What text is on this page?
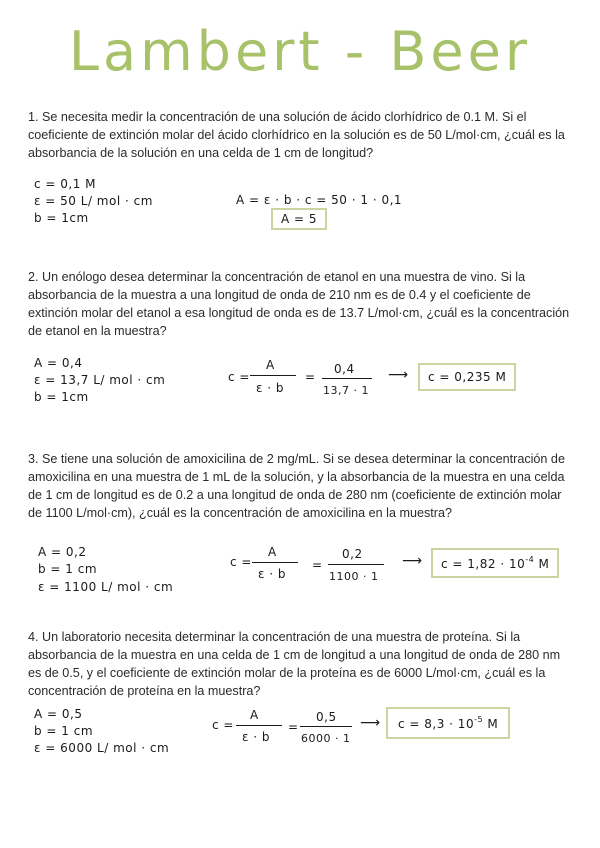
Lambert - Beer
1. Se necesita medir la concentración de una solución de ácido clorhídrico de 0.1 M. Si el coeficiente de extinción molar del ácido clorhídrico en la solución es de 50 L/mol·cm, ¿cuál es la absorbancia de la solución en una celda de 1 cm de longitud?
c = 0,1 M
ε = 50 L/ mol · cm
b = 1cm
A = ε · b · c = 50 · 1 · 0,1
A = 5
2. Un enólogo desea determinar la concentración de etanol en una muestra de vino. Si la absorbancia de la muestra a una longitud de onda de 210 nm es de 0.4 y el coeficiente de extinción molar del etanol a esa longitud de onda es de 13.7 L/mol·cm, ¿cuál es la concentración de etanol en la muestra?
A = 0,4
ε = 13,7 L/ mol · cm
b = 1cm
c =
A
ε · b
=
0,4
13,7 · 1
⟶	c = 0,235 M
3. Se tiene una solución de amoxicilina de 2 mg/mL. Si se desea determinar la concentración de amoxicilina en una muestra de 1 mL de la solución, y la absorbancia de la muestra en una celda de 1 cm de longitud es de 0.2 a una longitud de onda de 280 nm (coeficiente de extinción molar de 1100 L/mol·cm), ¿cuál es la concentración de amoxicilina en la muestra?
A = 0,2
b = 1 cm
ε = 1100 L/ mol · cm
c =
A
ε · b
=
0,2
1100 · 1
⟶	$c = 1,82 \cdot 10^{-4}$ M
4. Un laboratorio necesita determinar la concentración de una muestra de proteína. Si la absorbancia de la muestra en una celda de 1 cm de longitud a una longitud de onda de 280 nm es de 0.5, y el coeficiente de extinción molar de la proteína es de 6000 L/mol·cm, ¿cuál es la concentración de proteína en la muestra?
A = 0,5
b = 1 cm
ε = 6000 L/ mol · cm
c =
A
ε · b
=
0,5
6000 · 1
⟶	$c = 8,3 \cdot 10^{-5}$ M
